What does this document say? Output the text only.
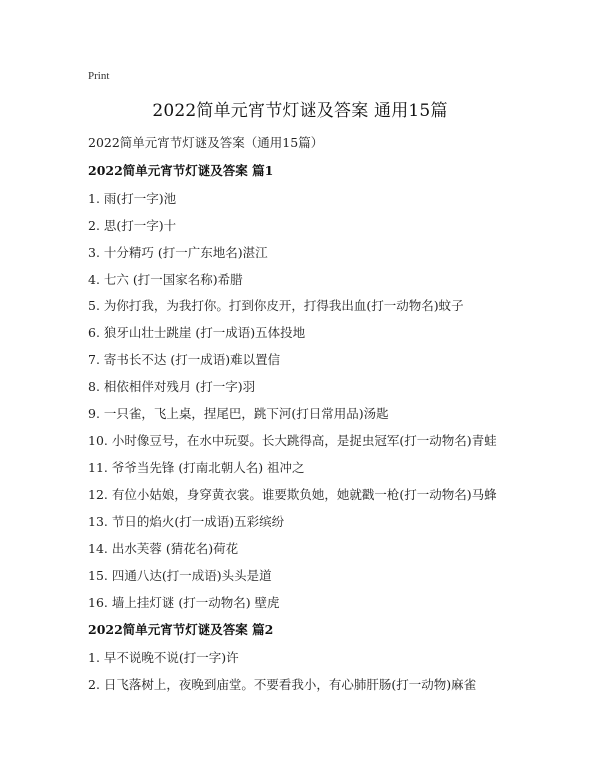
Print
2022简单元宵节灯谜及答案 通用15篇
2022简单元宵节灯谜及答案（通用15篇）
2022简单元宵节灯谜及答案 篇1
1. 雨(打一字)池
2. 思(打一字)十
3. 十分精巧 (打一广东地名)湛江
4. 七六 (打一国家名称)希腊
5. 为你打我，为我打你。打到你皮开，打得我出血(打一动物名)蚊子
6. 狼牙山壮士跳崖 (打一成语)五体投地
7. 寄书长不达 (打一成语)难以置信
8. 相依相伴对残月 (打一字)羽
9. 一只雀，飞上桌，捏尾巴，跳下河(打日常用品)汤匙
10. 小时像豆号，在水中玩耍。长大跳得高，是捉虫冠军(打一动物名)青蛙
11. 爷爷当先锋 (打南北朝人名) 祖冲之
12. 有位小姑娘，身穿黄衣裳。谁要欺负她，她就戳一枪(打一动物名)马蜂
13. 节日的焰火(打一成语)五彩缤纷
14. 出水芙蓉 (猜花名)荷花
15. 四通八达(打一成语)头头是道
16. 墙上挂灯谜 (打一动物名) 壁虎
2022简单元宵节灯谜及答案 篇2
1. 早不说晚不说(打一字)许
2. 日飞落树上，夜晚到庙堂。不要看我小，有心肺肝肠(打一动物)麻雀
